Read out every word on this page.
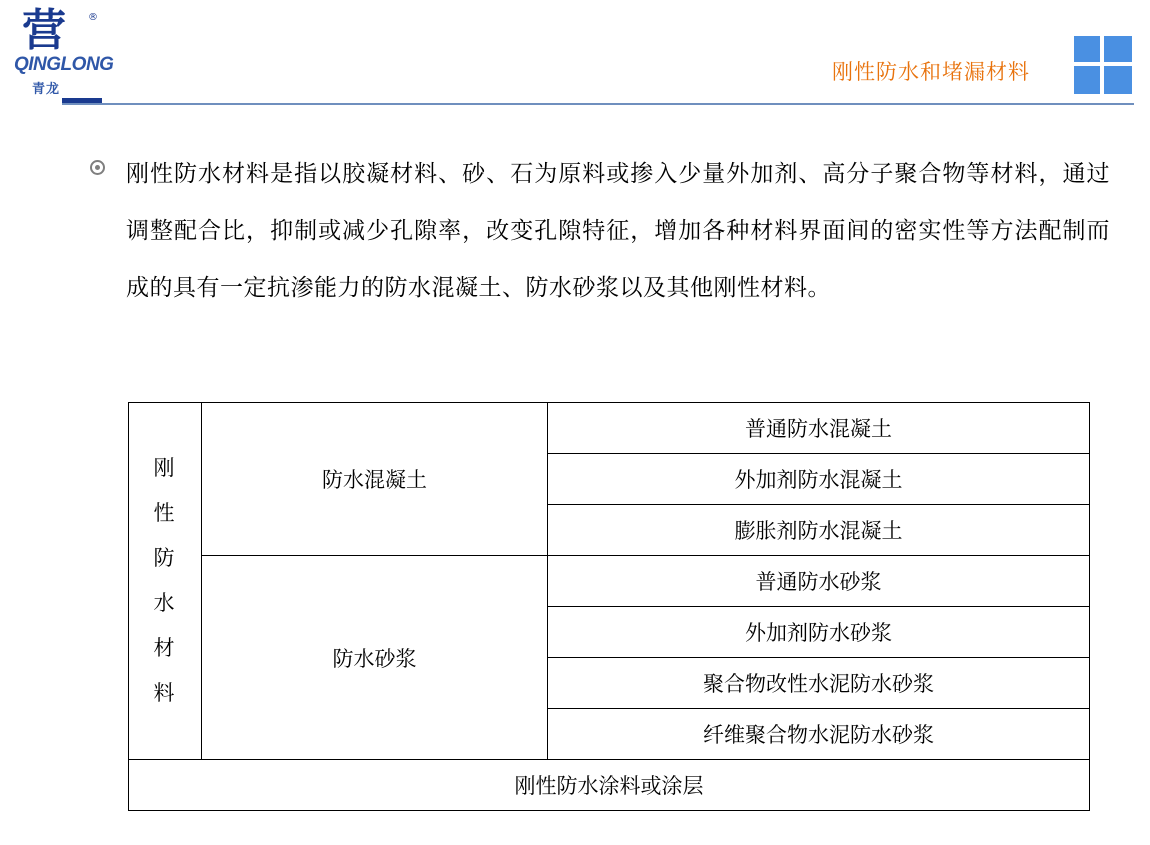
营 ®
QINGLONG
青龙
刚性防水和堵漏材料
刚性防水材料是指以胶凝材料、砂、石为原料或掺入少量外加剂、高分子聚合物等材料，通过调整配合比，抑制或减少孔隙率，改变孔隙特征，增加各种材料界面间的密实性等方法配制而成的具有一定抗渗能力的防水混凝土、防水砂浆以及其他刚性材料。
刚
性
防
水
材
料
	防水混凝土	普通防水混凝土
		外加剂防水混凝土
		膨胀剂防水混凝土
	防水砂浆	普通防水砂浆
		外加剂防水砂浆
		聚合物改性水泥防水砂浆
		纤维聚合物水泥防水砂浆
刚性防水涂料或涂层		
